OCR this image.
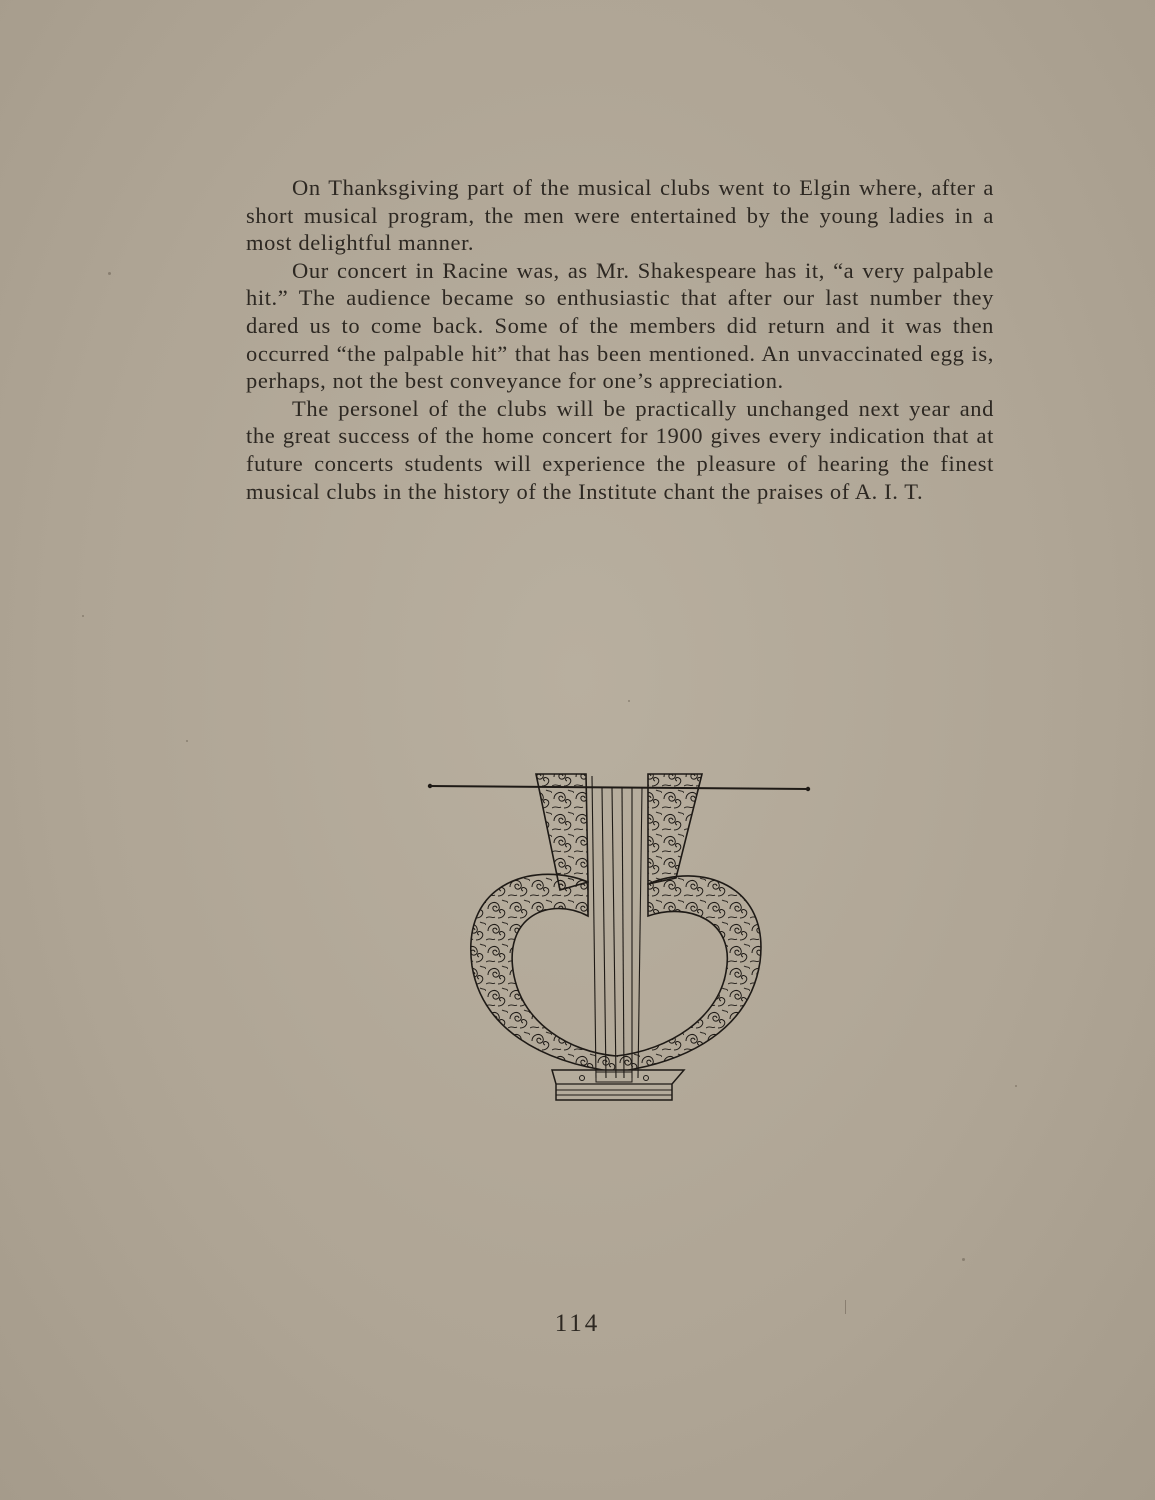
On Thanksgiving part of the musical clubs went to Elgin where, after a short musical program, the men were entertained by the young ladies in a most delightful manner.

Our concert in Racine was, as Mr. Shakespeare has it, “a very palpable hit.” The audience became so enthusiastic that after our last number they dared us to come back. Some of the members did return and it was then occurred “the palpable hit” that has been mentioned. An unvaccinated egg is, perhaps, not the best conveyance for one’s appreciation.

The personel of the clubs will be practically unchanged next year and the great success of the home concert for 1900 gives every indication that at future concerts students will experience the pleasure of hearing the finest musical clubs in the history of the Institute chant the praises of A. I. T.

114
